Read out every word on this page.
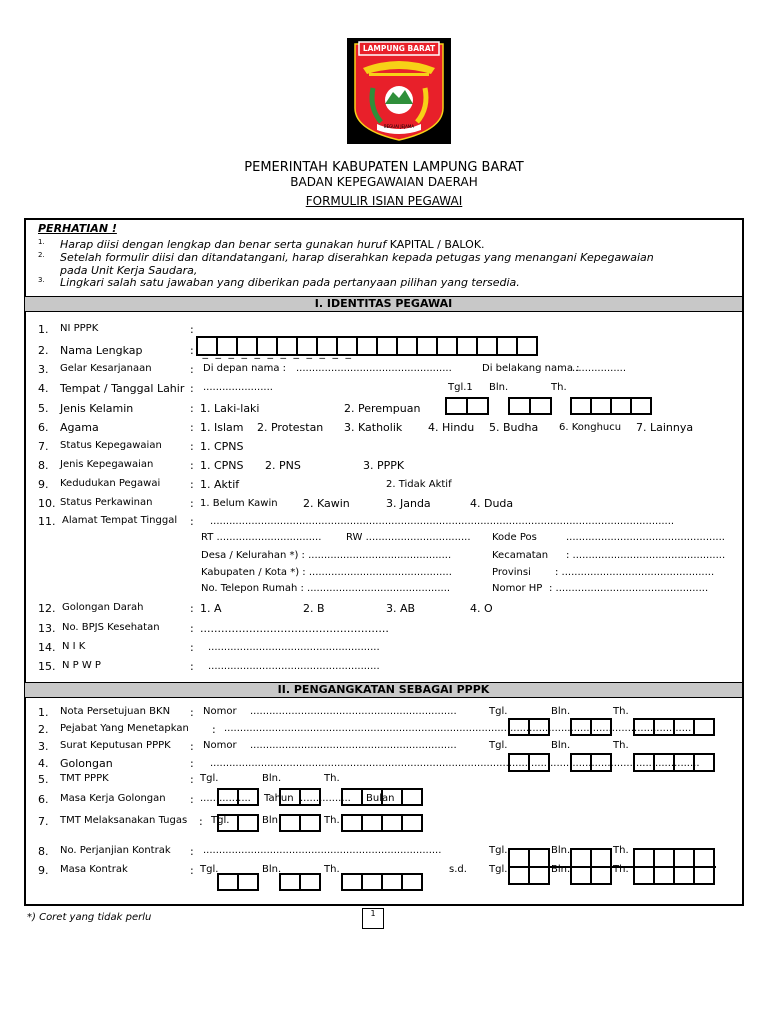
LAMPUNG BARAT
BEGUAI JEJAMA
PEMERINTAH KABUPATEN LAMPUNG BARAT
BADAN KEPEGAWAIAN DAERAH
FORMULIR ISIAN PEGAWAI
PERHATIAN !
1. Harap diisi dengan lengkap dan benar serta gunakan huruf KAPITAL / BALOK.
2. Setelah formulir diisi dan ditandatangani, harap diserahkan kepada petugas yang menangani Kepegawaian
pada Unit Kerja Saudara,
3. Lingkari salah satu jawaban yang diberikan pada pertanyaan pilihan yang tersedia.
I. IDENTITAS PEGAWAI
1. NI PPPK	:
2. Nama Lengkap	: ._._._._._._._._._._._._.
3. Gelar Kesarjanaan	: Di depan nama : .................................................	Di belakang nama :
.................
4. Tempat / Tanggal Lahir : ......................	Tgl.1 Bln.	Th.
5. Jenis Kelamin	: 1. Laki-laki	2. Perempuan
6. Agama	: 1. Islam 2. Protestan 3. Katholik 4. Hindu 5. Budha 6. Konghucu 7. Lainnya
7. Status Kepegawaian	: 1. CPNS
8. Jenis Kepegawaian	: 1. CPNS 2. PNS	3. PPPK
9. Kedudukan Pegawai	: 1. Aktif	2. Tidak Aktif
10. Status Perkawinan	: 1. Belum Kawin 2. Kawin	3. Janda	4. Duda
11. Alamat Tempat Tinggal : ..................................................................................................................................................
RT ................................. RW ................................. Kode Pos	..................................................
Desa / Kelurahan *) : .............................................	Kecamatan : ................................................
Kabupaten / Kota *) : .............................................	Provinsi : ................................................
No. Telepon Rumah : .............................................	Nomor HP : ................................................
12. Golongan Darah	: 1. A	2. B	3. AB	4. O
13. No. BPJS Kesehatan	: ......................................................
14. N I K	: ......................................................
15. N P W P	: ......................................................
II. PENGANGKATAN SEBAGAI PPPK
1. Nota Persetujuan BKN : Nomor .................................................................	Tgl.	Bln.	Th.
2. Pejabat Yang Menetapkan : ...................................................................................................................................................
3. Surat Keputusan PPPK : Nomor .................................................................	Tgl.	Bln.	Th.
4. Golongan	: ..........................................................................................................................................................
5. TMT PPPK	: Tgl.	Bln.	Th.
6. Masa Kerja Golongan : ................ Tahun ................ Bulan
7. TMT Melaksanakan Tugas : Tgl.	Bln.	Th.
8. No. Perjanjian Kontrak : ...........................................................................	Tgl.	Bln.	Th.
9. Masa Kontrak	: Tgl.	Bln.	Th.	s.d. Tgl.	Bln.	Th.
*) Coret yang tidak perlu	1
